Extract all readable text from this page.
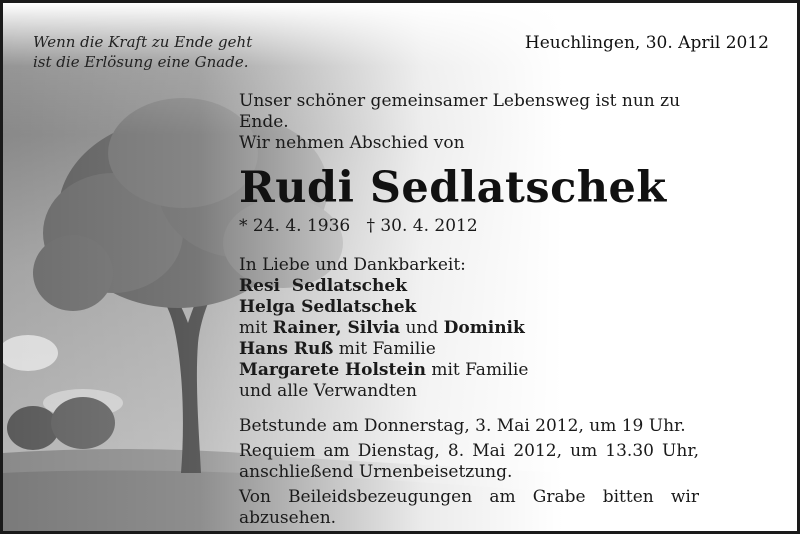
Wenn die Kraft zu Ende geht
ist die Erlösung eine Gnade.
Heuchlingen, 30. April 2012

Unser schöner gemeinsamer Lebensweg ist nun zu Ende.

Wir nehmen Abschied von

Rudi Sedlatschek

* 24. 4. 1936   † 30. 4. 2012

In Liebe und Dankbarkeit:

Resi  Sedlatschek

Helga Sedlatschek

mit Rainer, Silvia und Dominik

Hans Ruß mit Familie

Margarete Holstein mit Familie

und alle Verwandten

Betstunde am Donnerstag, 3. Mai 2012, um 19 Uhr.

Requiem am Dienstag, 8. Mai 2012, um 13.30 Uhr, anschließend Urnenbeisetzung.

Von Beileidsbezeugungen am Grabe bitten wir abzusehen.
